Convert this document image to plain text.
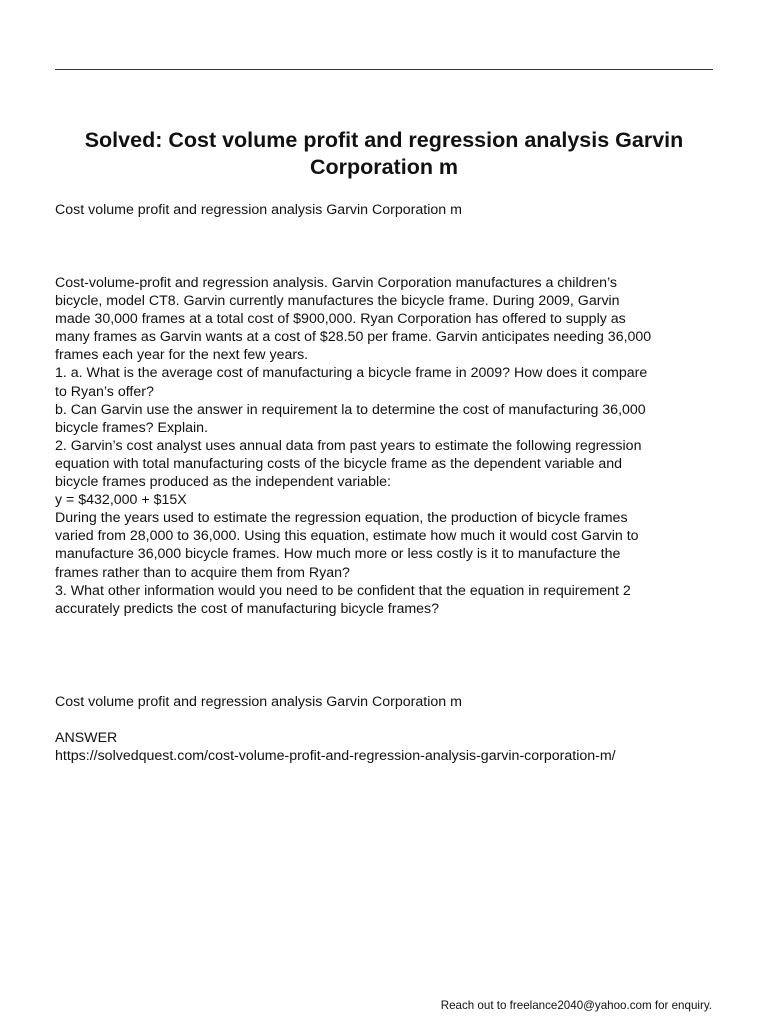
Solved: Cost volume profit and regression analysis Garvin Corporation m
Cost volume profit and regression analysis Garvin Corporation m

Cost-volume-profit and regression analysis. Garvin Corporation manufactures a children’s

bicycle, model CT8. Garvin currently manufactures the bicycle frame. During 2009, Garvin

made 30,000 frames at a total cost of $900,000. Ryan Corporation has offered to supply as

many frames as Garvin wants at a cost of $28.50 per frame. Garvin anticipates needing 36,000

frames each year for the next few years.

1. a. What is the average cost of manufacturing a bicycle frame in 2009? How does it compare

to Ryan’s offer?

b. Can Garvin use the answer in requirement la to determine the cost of manufacturing 36,000

bicycle frames? Explain.

2. Garvin’s cost analyst uses annual data from past years to estimate the following regression

equation with total manufacturing costs of the bicycle frame as the dependent variable and

bicycle frames produced as the independent variable:

y = $432,000 + $15X

During the years used to estimate the regression equation, the production of bicycle frames

varied from 28,000 to 36,000. Using this equation, estimate how much it would cost Garvin to

manufacture 36,000 bicycle frames. How much more or less costly is it to manufacture the

frames rather than to acquire them from Ryan?

3. What other information would you need to be confident that the equation in requirement 2

accurately predicts the cost of manufacturing bicycle frames?

Cost volume profit and regression analysis Garvin Corporation m
ANSWER
https://solvedquest.com/cost-volume-profit-and-regression-analysis-garvin-corporation-m/
Reach out to freelance2040@yahoo.com for enquiry.
